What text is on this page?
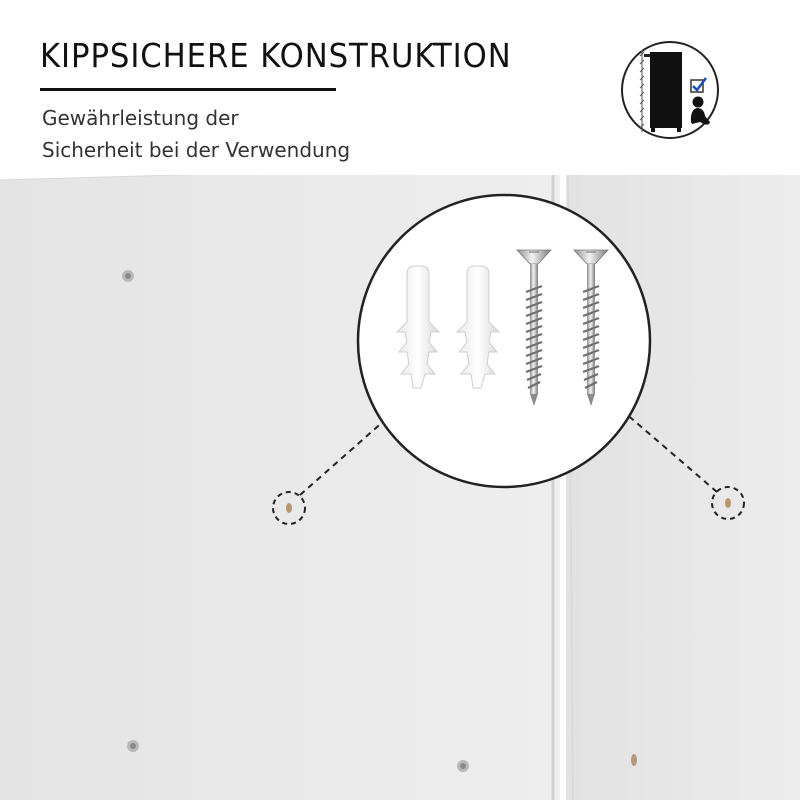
KIPPSICHERE KONSTRUKTION
Gewährleistung der
Sicherheit bei der Verwendung
